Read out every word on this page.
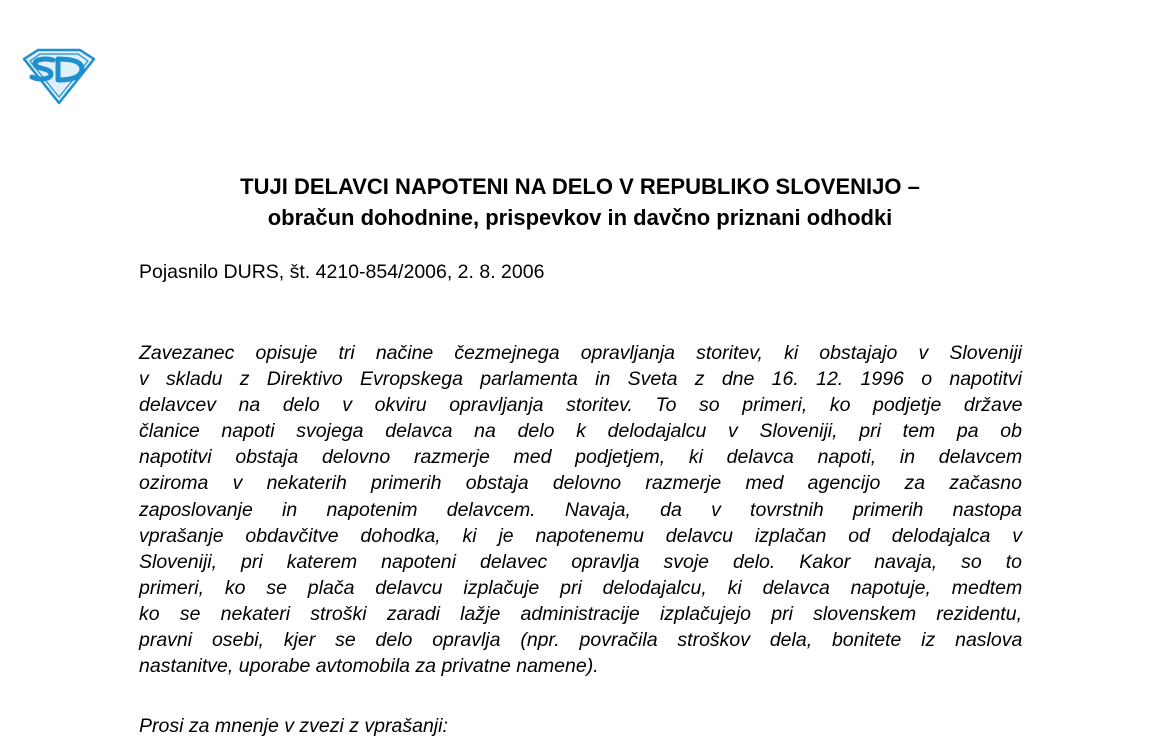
TUJI DELAVCI NAPOTENI NA DELO V REPUBLIKO SLOVENIJO –
obračun dohodnine, prispevkov in davčno priznani odhodki

Pojasnilo DURS, št. 4210-854/2006, 2. 8. 2006

Zavezanec opisuje tri načine čezmejnega opravljanja storitev, ki obstajajo v Sloveniji
v skladu z Direktivo Evropskega parlamenta in Sveta z dne 16. 12. 1996 o napotitvi
delavcev na delo v okviru opravljanja storitev. To so primeri, ko podjetje države
članice napoti svojega delavca na delo k delodajalcu v Sloveniji, pri tem pa ob
napotitvi obstaja delovno razmerje med podjetjem, ki delavca napoti, in delavcem
oziroma v nekaterih primerih obstaja delovno razmerje med agencijo za začasno
zaposlovanje in napotenim delavcem. Navaja, da v tovrstnih primerih nastopa
vprašanje obdavčitve dohodka, ki je napotenemu delavcu izplačan od delodajalca v
Sloveniji, pri katerem napoteni delavec opravlja svoje delo. Kakor navaja, so to
primeri, ko se plača delavcu izplačuje pri delodajalcu, ki delavca napotuje, medtem
ko se nekateri stroški zaradi lažje administracije izplačujejo pri slovenskem rezidentu,
pravni osebi, kjer se delo opravlja (npr. povračila stroškov dela, bonitete iz naslova
nastanitve, uporabe avtomobila za privatne namene).

Prosi za mnenje v zvezi z vprašanji:
